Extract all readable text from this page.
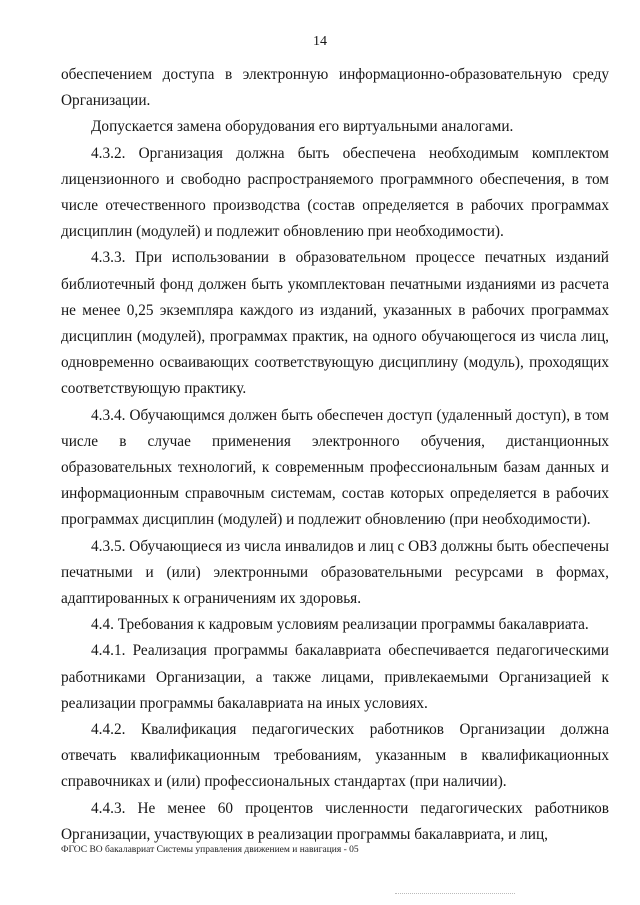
14

обеспечением доступа в электронную информационно-образовательную среду Организации.

Допускается замена оборудования его виртуальными аналогами.

4.3.2. Организация должна быть обеспечена необходимым комплектом лицензионного и свободно распространяемого программного обеспечения, в том числе отечественного производства (состав определяется в рабочих программах дисциплин (модулей) и подлежит обновлению при необходимости).

4.3.3. При использовании в образовательном процессе печатных изданий библиотечный фонд должен быть укомплектован печатными изданиями из расчета не менее 0,25 экземпляра каждого из изданий, указанных в рабочих программах дисциплин (модулей), программах практик, на одного обучающегося из числа лиц, одновременно осваивающих соответствующую дисциплину (модуль), проходящих соответствующую практику.

4.3.4. Обучающимся должен быть обеспечен доступ (удаленный доступ), в том числе в случае применения электронного обучения, дистанционных образовательных технологий, к современным профессиональным базам данных и информационным справочным системам, состав которых определяется в рабочих программах дисциплин (модулей) и подлежит обновлению (при необходимости).

4.3.5. Обучающиеся из числа инвалидов и лиц с ОВЗ должны быть обеспечены печатными и (или) электронными образовательными ресурсами в формах, адаптированных к ограничениям их здоровья.

4.4. Требования к кадровым условиям реализации программы бакалавриата.

4.4.1. Реализация программы бакалавриата обеспечивается педагогическими работниками Организации, а также лицами, привлекаемыми Организацией к реализации программы бакалавриата на иных условиях.

4.4.2. Квалификация педагогических работников Организации должна отвечать квалификационным требованиям, указанным в квалификационных справочниках и (или) профессиональных стандартах (при наличии).

4.4.3. Не менее 60 процентов численности педагогических работников Организации, участвующих в реализации программы бакалавриата, и лиц,

ФГОС ВО бакалавриат Системы управления движением и навигация - 05
